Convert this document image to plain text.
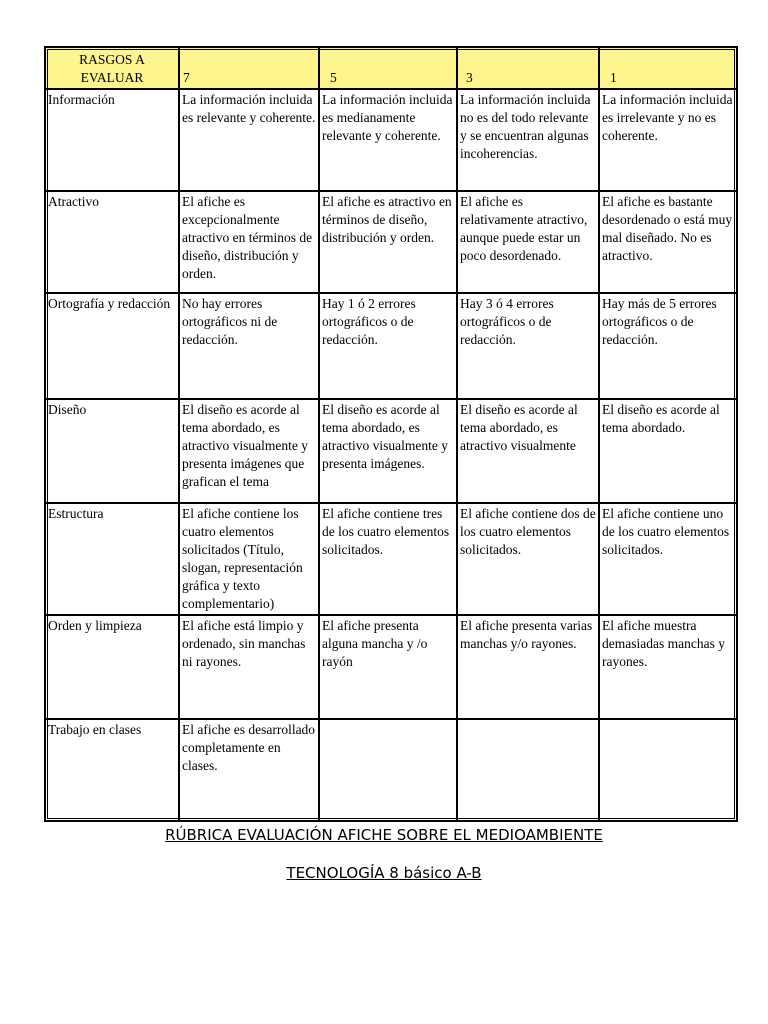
RASGOS A EVALUAR	7	5	3	1
Información	La información incluida es relevante y coherente.	La información incluida es medianamente relevante y coherente.	La información incluida no es del todo relevante y se encuentran algunas incoherencias.	La información incluida es irrelevante y no es coherente.
Atractivo	El afiche es excepcionalmente atractivo en términos de diseño, distribución y orden.	El afiche es atractivo en términos de diseño, distribución y orden.	El afiche es relativamente atractivo, aunque puede estar un poco desordenado.	El afiche es bastante desordenado o está muy mal diseñado. No es atractivo.
Ortografía y redacción	No hay errores ortográficos ni de redacción.	Hay 1 ó 2 errores ortográficos o de redacción.	Hay 3 ó 4 errores ortográficos o de redacción.	Hay más de 5 errores ortográficos o de redacción.
Diseño	El diseño es acorde al tema abordado, es atractivo visualmente y presenta imágenes que grafican el tema	El diseño es acorde al tema abordado, es atractivo visualmente y presenta imágenes.	El diseño es acorde al tema abordado, es atractivo visualmente	El diseño es acorde al tema abordado.
Estructura	El afiche contiene los cuatro elementos solicitados (Título, slogan, representación gráfica y texto complementario)	El afiche contiene tres de los cuatro elementos solicitados.	El afiche contiene dos de los cuatro elementos solicitados.	El afiche contiene uno de los cuatro elementos solicitados.
Orden y limpieza	El afiche está limpio y ordenado, sin manchas ni rayones.	El afiche presenta alguna mancha y /o rayón	El afiche presenta varias manchas y/o rayones.	El afiche muestra demasiadas manchas y rayones.
Trabajo en clases	El afiche es desarrollado completamente en clases.			
RÚBRICA EVALUACIÓN AFICHE SOBRE EL MEDIOAMBIENTE
TECNOLOGÍA 8 básico A-B
